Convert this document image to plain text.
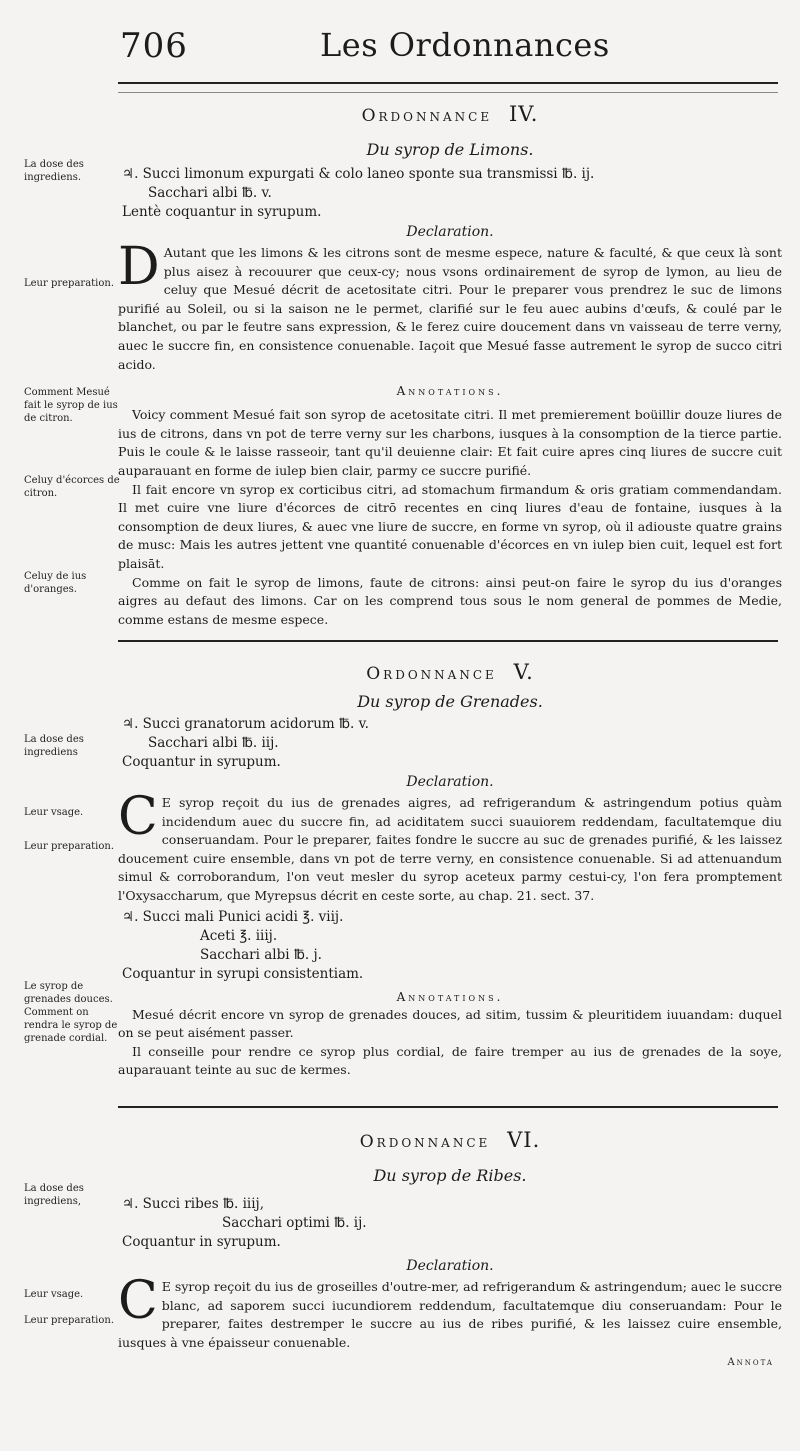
706	Les Ordonnances
La dose des ingrediens.
Leur preparation.
Comment Mesué fait le syrop de ius de citron.
Celuy d'écorces de citron.
Celuy de ius d'oranges.
La dose des ingrediens
Leur vsage.
Leur preparation.
Le syrop de grenades douces. Comment on rendra le syrop de grenade cordial.
La dose des ingrediens,
Leur vsage.
Leur preparation.
Ordonnance IV.
Du syrop de Limons.
♃. Succi limonum expurgati & colo laneo sponte sua transmissi ℔. ij.
Sacchari albi ℔. v.
Lentè coquantur in syrupum.
Declaration.
D Autant que les limons & les citrons sont de mesme espece, nature & faculté, & que ceux là sont plus aisez à recouurer que ceux-cy; nous vsons ordinairement de syrop de lymon, au lieu de celuy que Mesué décrit de acetositate citri. Pour le preparer vous prendrez le suc de limons purifié au Soleil, ou si la saison ne le permet, clarifié sur le feu auec aubins d'œufs, & coulé par le blanchet, ou par le feutre sans expression, & le ferez cuire doucement dans vn vaisseau de terre verny, auec le succre fin, en consistence conuenable. Iaçoit que Mesué fasse autrement le syrop de succo citri acido.
Annotations.
Voicy comment Mesué fait son syrop de acetositate citri. Il met premierement boüillir douze liures de ius de citrons, dans vn pot de terre verny sur les charbons, iusques à la consomption de la tierce partie. Puis le coule & le laisse rasseoir, tant qu'il deuienne clair: Et fait cuire apres cinq liures de succre cuit auparauant en forme de iulep bien clair, parmy ce succre purifié.
Il fait encore vn syrop ex corticibus citri, ad stomachum firmandum & oris gratiam commendandam. Il met cuire vne liure d'écorces de citrō recentes en cinq liures d'eau de fontaine, iusques à la consomption de deux liures, & auec vne liure de succre, en forme vn syrop, où il adiouste quatre grains de musc: Mais les autres jettent vne quantité conuenable d'écorces en vn iulep bien cuit, lequel est fort plaisāt.
Comme on fait le syrop de limons, faute de citrons: ainsi peut-on faire le syrop du ius d'oranges aigres au defaut des limons. Car on les comprend tous sous le nom general de pommes de Medie, comme estans de mesme espece.
Ordonnance V.
Du syrop de Grenades.
♃. Succi granatorum acidorum ℔. v.
Sacchari albi ℔. iij.
Coquantur in syrupum.
Declaration.
C E syrop reçoit du ius de grenades aigres, ad refrigerandum & astringendum potius quàm incidendum auec du succre fin, ad aciditatem succi suauiorem reddendam, facultatemque diu conseruandam. Pour le preparer, faites fondre le succre au suc de grenades purifié, & les laissez doucement cuire ensemble, dans vn pot de terre verny, en consistence conuenable. Si ad attenuandum simul & corroborandum, l'on veut mesler du syrop aceteux parmy cestui-cy, l'on fera promptement l'Oxysaccharum, que Myrepsus décrit en ceste sorte, au chap. 21. sect. 37.
♃. Succi mali Punici acidi ℥. viij.
Aceti ℥. iiij.
Sacchari albi ℔. j.
Coquantur in syrupi consistentiam.
Annotations.
Mesué décrit encore vn syrop de grenades douces, ad sitim, tussim & pleuritidem iuuandam: duquel on se peut aisément passer.
Il conseille pour rendre ce syrop plus cordial, de faire tremper au ius de grenades de la soye, auparauant teinte au suc de kermes.
Ordonnance VI.
Du syrop de Ribes.
♃. Succi ribes ℔. iiij,
Sacchari optimi ℔. ij.
Coquantur in syrupum.
Declaration.
C E syrop reçoit du ius de groseilles d'outre-mer, ad refrigerandum & astringendum; auec le succre blanc, ad saporem succi iucundiorem reddendum, facultatemque diu conseruandam: Pour le preparer, faites destremper le succre au ius de ribes purifié, & les laissez cuire ensemble, iusques à vne épaisseur conuenable.
Annota
